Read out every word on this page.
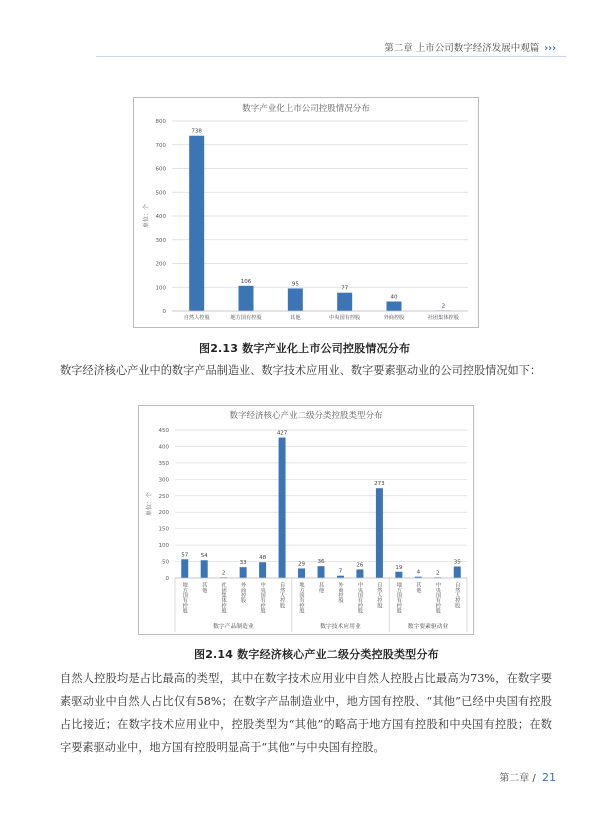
第二章 上市公司数字经济发展中观篇 ›››
数字产业化上市公司控股情况分布
0
100
200
300
400
500
600
700
800
单位：个
738
自然人控股
106
地方国有控股
95
其他
77
中央国有控股
40
外商控股
2
社团集体控股
图2.13 数字产业化上市公司控股情况分布
数字经济核心产业中的数字产品制造业、数字技术应用业、数字要素驱动业的公司控股情况如下：
数字经济核心产业二级分类控股类型分布
0
50
100
150
200
250
300
350
400
450
单位：个
57
地方国有控股
54
其他
2
社团集体控股
33
外商控股
48
中央国有控股
427
自然人控股
29
地方国有控股
36
其他
7
外商控股
26
中央国有控股
273
自然人控股
19
地方国有控股
4
其他
2
中央国有控股
35
自然人控股
数字产品制造业	数字技术应用业	数字要素驱动业
图2.14 数字经济核心产业二级分类控股类型分布
自然人控股均是占比最高的类型，其中在数字技术应用业中自然人控股占比最高为73%，在数字要素驱动业中自然人占比仅有58%；在数字产品制造业中，地方国有控股、“其他”已经中央国有控股占比接近；在数字技术应用业中，控股类型为“其他”的略高于地方国有控股和中央国有控股；在数字要素驱动业中，地方国有控股明显高于“其他”与中央国有控股。
第二章 / 21
